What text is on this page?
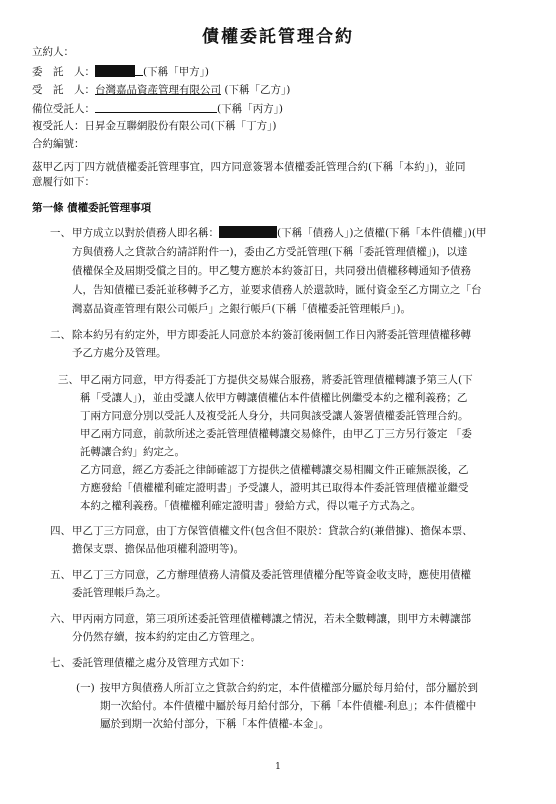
債權委託管理合約
立約人：
委　託　人：	(下稱「甲方」)
受　託　人：台灣嘉品資產管理有限公司 (下稱「乙方」)
備位受託人：	(下稱「丙方」)
複受託人：日昇金互聯網股份有限公司(下稱「丁方」)
合約編號：
茲甲乙丙丁四方就債權委託管理事宜，四方同意簽署本債權委託管理合約(下稱「本約」)，並同
意履行如下：
第一條 債權委託管理事項
一、 甲方成立以對於債務人即名稱：	(下稱「債務人」)之債權(下稱「本件債權」)(甲
方與債務人之貸款合約請詳附件一)，委由乙方受託管理(下稱「委託管理債權」)，以達
債權保全及屆期受償之目的。甲乙雙方應於本約簽訂日，共同發出債權移轉通知予債務
人，告知債權已委託並移轉予乙方，並要求債務人於還款時，匯付資金至乙方開立之「台
灣嘉品資產管理有限公司帳戶」之銀行帳戶(下稱「債權委託管理帳戶」)。
二、 除本約另有約定外，甲方即委託人同意於本約簽訂後兩個工作日內將委託管理債權移轉
予乙方處分及管理。
三、 甲乙兩方同意，甲方得委託丁方提供交易媒合服務，將委託管理債權轉讓予第三人(下
稱「受讓人」)，並由受讓人依甲方轉讓債權佔本件債權比例繼受本約之權利義務；乙
丁兩方同意分別以受託人及複受託人身分，共同與該受讓人簽署債權委託管理合約。
甲乙兩方同意，前款所述之委託管理債權轉讓交易條件，由甲乙丁三方另行簽定 「委
託轉讓合約」約定之。
乙方同意，經乙方委託之律師確認丁方提供之債權轉讓交易相關文件正確無誤後，乙
方應發給「債權權利確定證明書」予受讓人，證明其已取得本件委託管理債權並繼受
本約之權利義務。「債權權利確定證明書」發給方式，得以電子方式為之。
四、 甲乙丁三方同意，由丁方保管債權文件(包含但不限於：貸款合約(兼借據)、擔保本票、
擔保支票、擔保品他項權利證明等)。
五、 甲乙丁三方同意，乙方辦理債務人清償及委託管理債權分配等資金收支時，應使用債權
委託管理帳戶為之。
六、 甲丙兩方同意，第三項所述委託管理債權轉讓之情況，若未全數轉讓，則甲方未轉讓部
分仍然存續，按本約約定由乙方管理之。
七、 委託管理債權之處分及管理方式如下：
(一) 按甲方與債務人所訂立之貸款合約約定，本件債權部分屬於每月給付，部分屬於到
期一次給付。本件債權中屬於每月給付部分，下稱「本件債權-利息」；本件債權中
屬於到期一次給付部分，下稱「本件債權-本金」。
1
